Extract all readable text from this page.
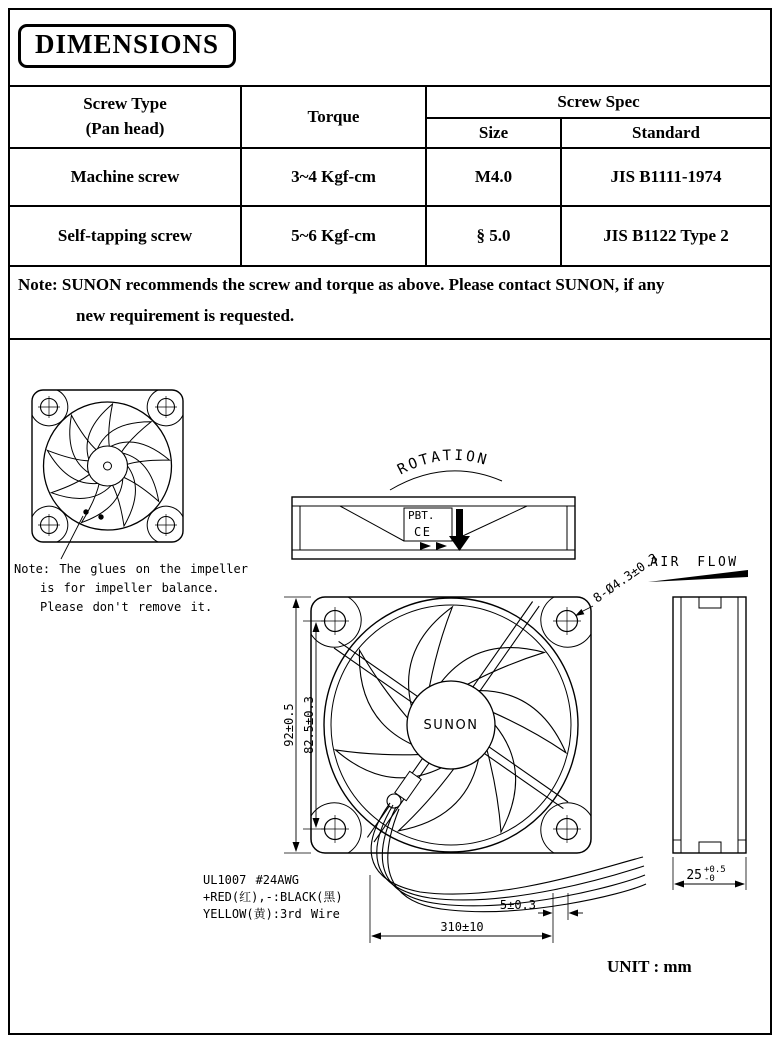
DIMENSIONS
Screw Type
(Pan head)	Torque	Screw Spec	
		Size	Standard
Machine screw	3~4 Kgf-cm	M4.0	JIS B1111-1974
Self-tapping screw	5~6 Kgf-cm	§ 5.0	JIS B1122 Type 2
Note: SUNON recommends the screw and torque as above. Please contact SUNON, if any
new requirement is requested.
Note: The glues on the impeller
is for impeller balance.
Please don't remove it.
ROTATION
PBT.
CE
AIR FLOW
8-Ø4.3±0.3
SUNON
92±0.5 82.5±0.3
25 +0.5
-0
UL1007 #24AWG
+RED(红),-:BLACK(黑)
YELLOW(黄):3rd Wire
5±0.3
310±10
UNIT : mm
